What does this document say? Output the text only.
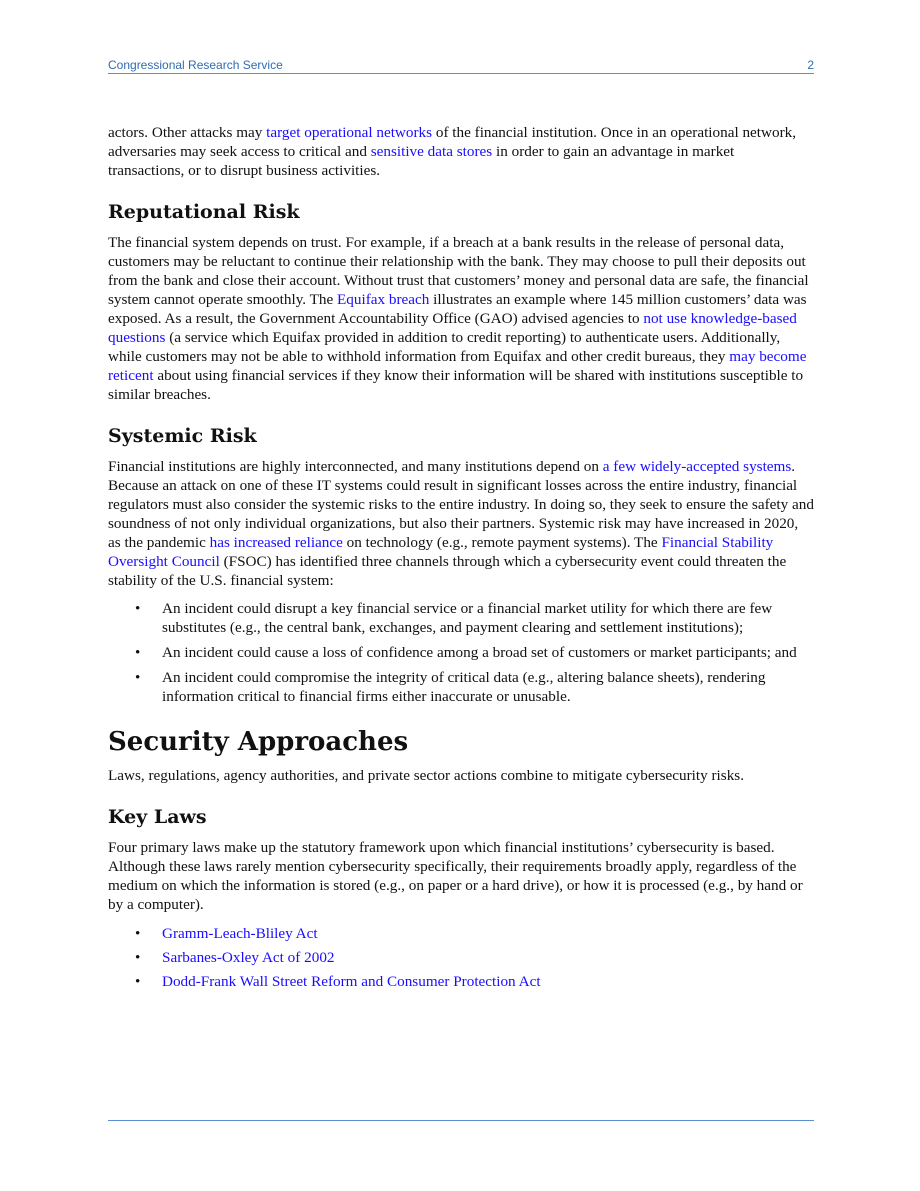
Congressional Research Service	2

actors. Other attacks may target operational networks of the financial institution. Once in an operational network, adversaries may seek access to critical and sensitive data stores in order to gain an advantage in market transactions, or to disrupt business activities.

Reputational Risk

The financial system depends on trust. For example, if a breach at a bank results in the release of personal data, customers may be reluctant to continue their relationship with the bank. They may choose to pull their deposits out from the bank and close their account. Without trust that customers’ money and personal data are safe, the financial system cannot operate smoothly. The Equifax breach illustrates an example where 145 million customers’ data was exposed. As a result, the Government Accountability Office (GAO) advised agencies to not use knowledge-based questions (a service which Equifax provided in addition to credit reporting) to authenticate users. Additionally, while customers may not be able to withhold information from Equifax and other credit bureaus, they may become reticent about using financial services if they know their information will be shared with institutions susceptible to similar breaches.

Systemic Risk

Financial institutions are highly interconnected, and many institutions depend on a few widely-accepted systems. Because an attack on one of these IT systems could result in significant losses across the entire industry, financial regulators must also consider the systemic risks to the entire industry. In doing so, they seek to ensure the safety and soundness of not only individual organizations, but also their partners. Systemic risk may have increased in 2020, as the pandemic has increased reliance on technology (e.g., remote payment systems). The Financial Stability Oversight Council (FSOC) has identified three channels through which a cybersecurity event could threaten the stability of the U.S. financial system:

• An incident could disrupt a key financial service or a financial market utility for which there are few substitutes (e.g., the central bank, exchanges, and payment clearing and settlement institutions);
• An incident could cause a loss of confidence among a broad set of customers or market participants; and
• An incident could compromise the integrity of critical data (e.g., altering balance sheets), rendering information critical to financial firms either inaccurate or unusable.
Security Approaches

Laws, regulations, agency authorities, and private sector actions combine to mitigate cybersecurity risks.

Key Laws

Four primary laws make up the statutory framework upon which financial institutions’ cybersecurity is based. Although these laws rarely mention cybersecurity specifically, their requirements broadly apply, regardless of the medium on which the information is stored (e.g., on paper or a hard drive), or how it is processed (e.g., by hand or by a computer).

• Gramm-Leach-Bliley Act
• Sarbanes-Oxley Act of 2002
• Dodd-Frank Wall Street Reform and Consumer Protection Act
